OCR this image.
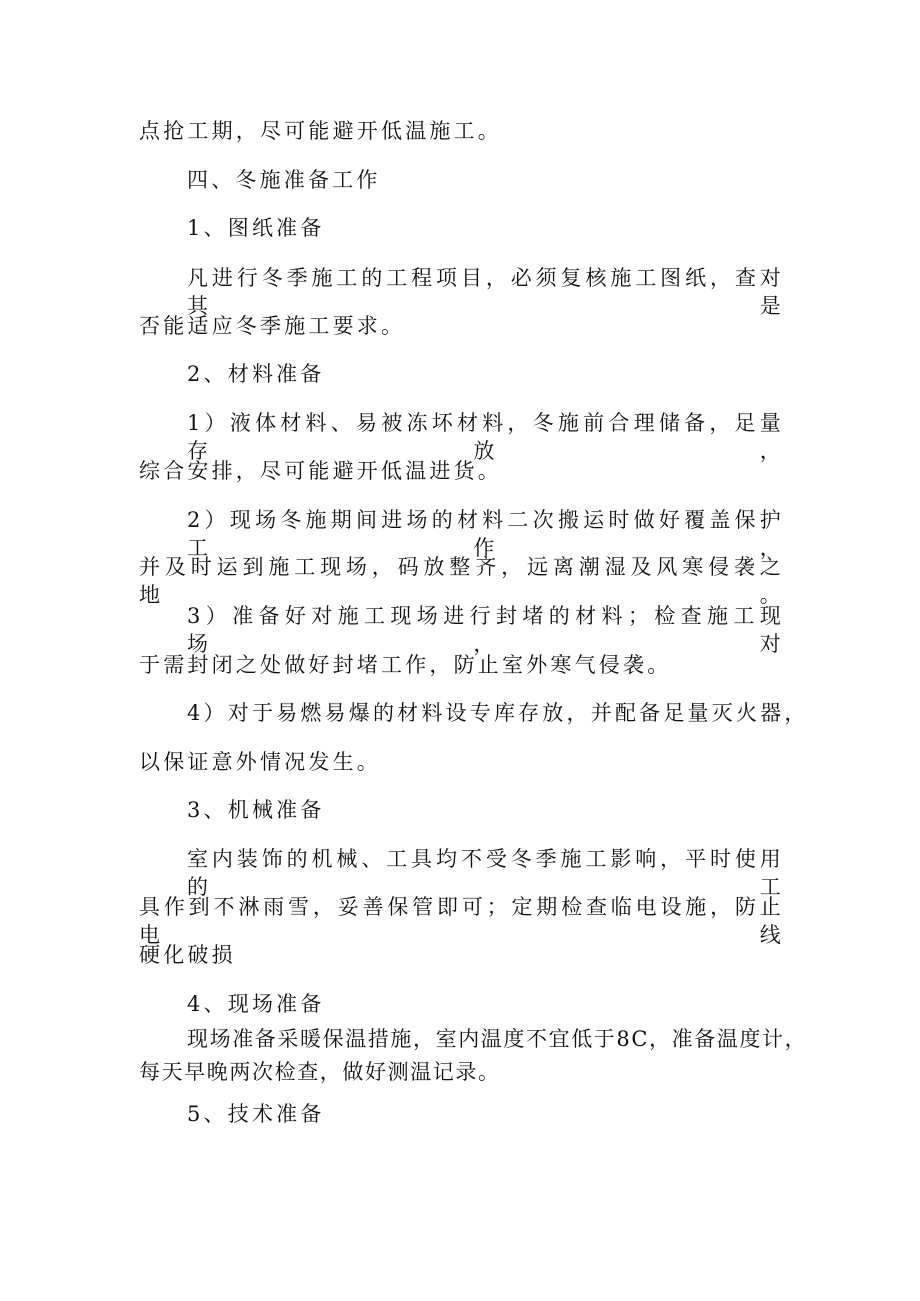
点抢工期，尽可能避开低温施工。

四、冬施准备工作

1、图纸准备

凡进行冬季施工的工程项目，必须复核施工图纸，查对其是

否能适应冬季施工要求。

2、材料准备

1）液体材料、易被冻坏材料，冬施前合理储备，足量存放，

综合安排，尽可能避开低温进货。

2）现场冬施期间进场的材料二次搬运时做好覆盖保护工作，

并及时运到施工现场，码放整齐，远离潮湿及风寒侵袭之地。

3）准备好对施工现场进行封堵的材料；检查施工现场，对

于需封闭之处做好封堵工作，防止室外寒气侵袭。

4）对于易燃易爆的材料设专库存放，并配备足量灭火器，

以保证意外情况发生。

3、机械准备

室内装饰的机械、工具均不受冬季施工影响，平时使用的工

具作到不淋雨雪，妥善保管即可；定期检查临电设施，防止电线

硬化破损

4、现场准备

现场准备采暖保温措施，室内温度不宜低于8C，准备温度计，

每天早晚两次检查，做好测温记录。

5、技术准备
